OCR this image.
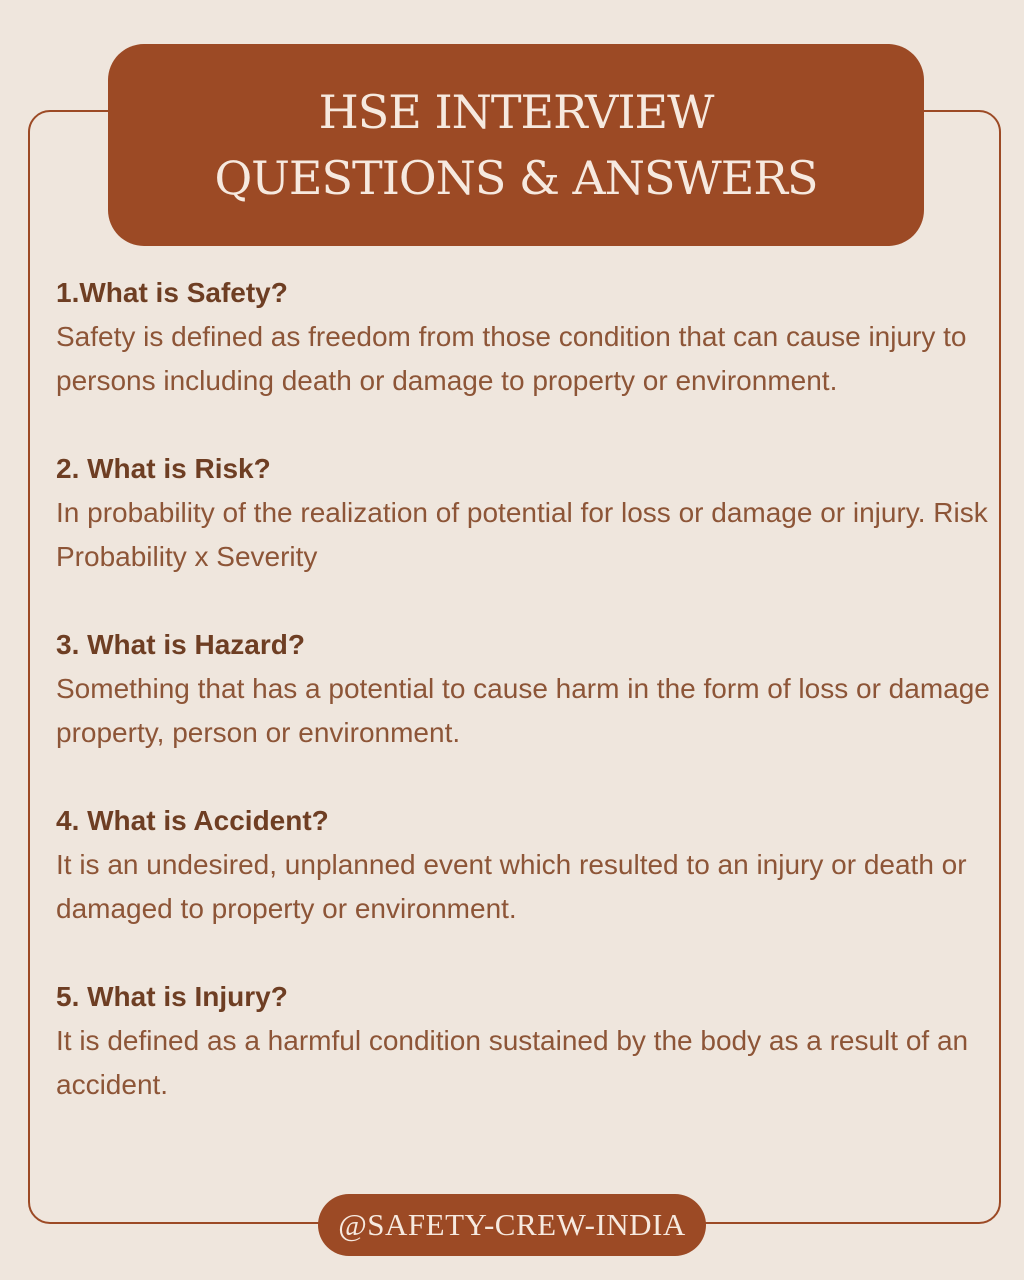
HSE INTERVIEW
QUESTIONS & ANSWERS
1.What is Safety?
Safety is defined as freedom from those condition that can cause injury to persons including death or damage to property or environment.
2. What is Risk?
In probability of the realization of potential for loss or damage or injury. Risk Probability x Severity
3. What is Hazard?
Something that has a potential to cause harm in the form of loss or damage property, person or environment.
4. What is Accident?
It is an undesired, unplanned event which resulted to an injury or death or damaged to property or environment.
5. What is Injury?
It is defined as a harmful condition sustained by the body as a result of an accident.
@SAFETY-CREW-INDIA
